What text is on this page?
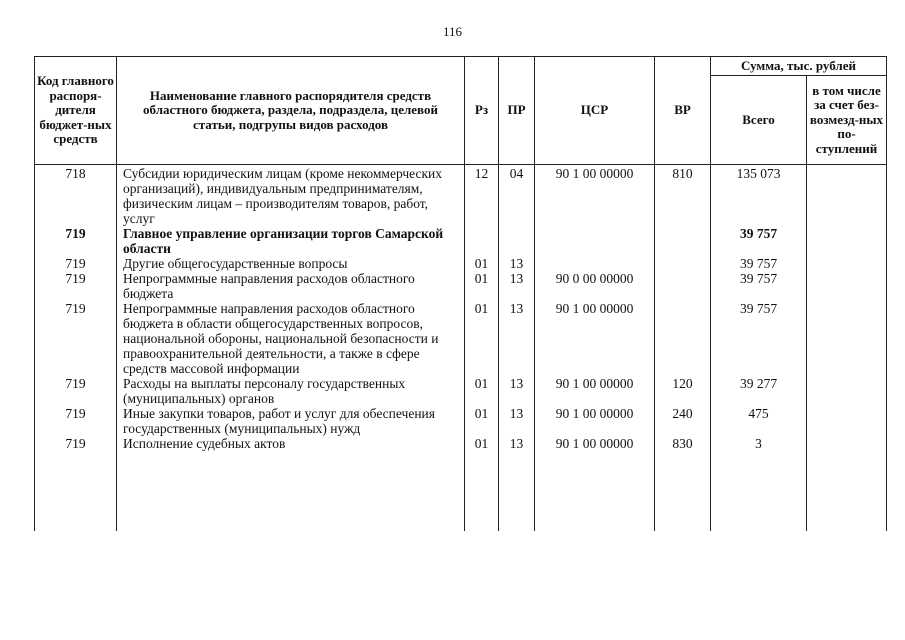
116
Код главного распоря-дителя бюджет-ных средств	Наименование главного распорядителя средств областного бюджета, раздела, подраздела, целевой статьи, подгрупы видов расходов	Рз	ПР	ЦСР	ВР	Сумма, тыс. рублей	
						Всего	в том числе за счет без-возмезд-ных по-ступлений
718	Субсидии юридическим лицам (кроме некоммерческих организаций), индивидуальным предпринимателям, физическим лицам – производителям товаров, работ, услуг	12	04	90 1 00 00000	810	135 073	
719	Главное управление организации торгов Самарской области					39 757	
719	Другие общегосударственные вопросы	01	13			39 757	
719	Непрограммные направления расходов областного бюджета	01	13	90 0 00 00000		39 757	
719	Непрограммные направления расходов областного бюджета в области общегосударственных вопросов, национальной обороны, национальной безопасности и правоохранительной деятельности, а также в сфере средств массовой информации	01	13	90 1 00 00000		39 757	
719	Расходы на выплаты персоналу государственных (муниципальных) органов	01	13	90 1 00 00000	120	39 277	
719	Иные закупки товаров, работ и услуг для обеспечения государственных (муниципальных) нужд	01	13	90 1 00 00000	240	475	
719	Исполнение судебных актов	01	13	90 1 00 00000	830	3	
